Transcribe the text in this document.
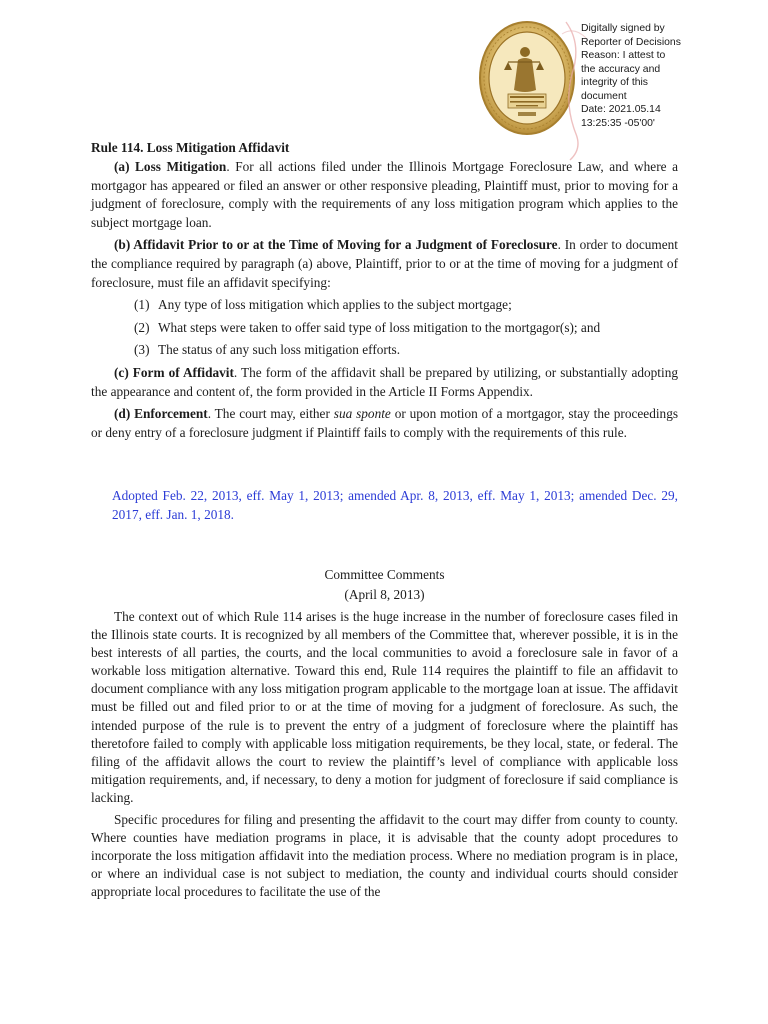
Digitally signed by
Reporter of Decisions
Reason: I attest to
the accuracy and
integrity of this
document
Date: 2021.05.14
13:25:35 -05'00'
Rule 114. Loss Mitigation Affidavit

(a) Loss Mitigation. For all actions filed under the Illinois Mortgage Foreclosure Law, and where a mortgagor has appeared or filed an answer or other responsive pleading, Plaintiff must, prior to moving for a judgment of foreclosure, comply with the requirements of any loss mitigation program which applies to the subject mortgage loan.

(b) Affidavit Prior to or at the Time of Moving for a Judgment of Foreclosure. In order to document the compliance required by paragraph (a) above, Plaintiff, prior to or at the time of moving for a judgment of foreclosure, must file an affidavit specifying:

(1) Any type of loss mitigation which applies to the subject mortgage;

(2) What steps were taken to offer said type of loss mitigation to the mortgagor(s); and

(3) The status of any such loss mitigation efforts.

(c) Form of Affidavit. The form of the affidavit shall be prepared by utilizing, or substantially adopting the appearance and content of, the form provided in the Article II Forms Appendix.

(d) Enforcement. The court may, either sua sponte or upon motion of a mortgagor, stay the proceedings or deny entry of a foreclosure judgment if Plaintiff fails to comply with the requirements of this rule.

Adopted Feb. 22, 2013, eff. May 1, 2013; amended Apr. 8, 2013, eff. May 1, 2013; amended Dec. 29, 2017, eff. Jan. 1, 2018.

Committee Comments
(April 8, 2013)

The context out of which Rule 114 arises is the huge increase in the number of foreclosure cases filed in the Illinois state courts. It is recognized by all members of the Committee that, wherever possible, it is in the best interests of all parties, the courts, and the local communities to avoid a foreclosure sale in favor of a workable loss mitigation alternative. Toward this end, Rule 114 requires the plaintiff to file an affidavit to document compliance with any loss mitigation program applicable to the mortgage loan at issue. The affidavit must be filled out and filed prior to or at the time of moving for a judgment of foreclosure. As such, the intended purpose of the rule is to prevent the entry of a judgment of foreclosure where the plaintiff has theretofore failed to comply with applicable loss mitigation requirements, be they local, state, or federal. The filing of the affidavit allows the court to review the plaintiff’s level of compliance with applicable loss mitigation requirements, and, if necessary, to deny a motion for judgment of foreclosure if said compliance is lacking.

Specific procedures for filing and presenting the affidavit to the court may differ from county to county. Where counties have mediation programs in place, it is advisable that the county adopt procedures to incorporate the loss mitigation affidavit into the mediation process. Where no mediation program is in place, or where an individual case is not subject to mediation, the county and individual courts should consider appropriate local procedures to facilitate the use of the
